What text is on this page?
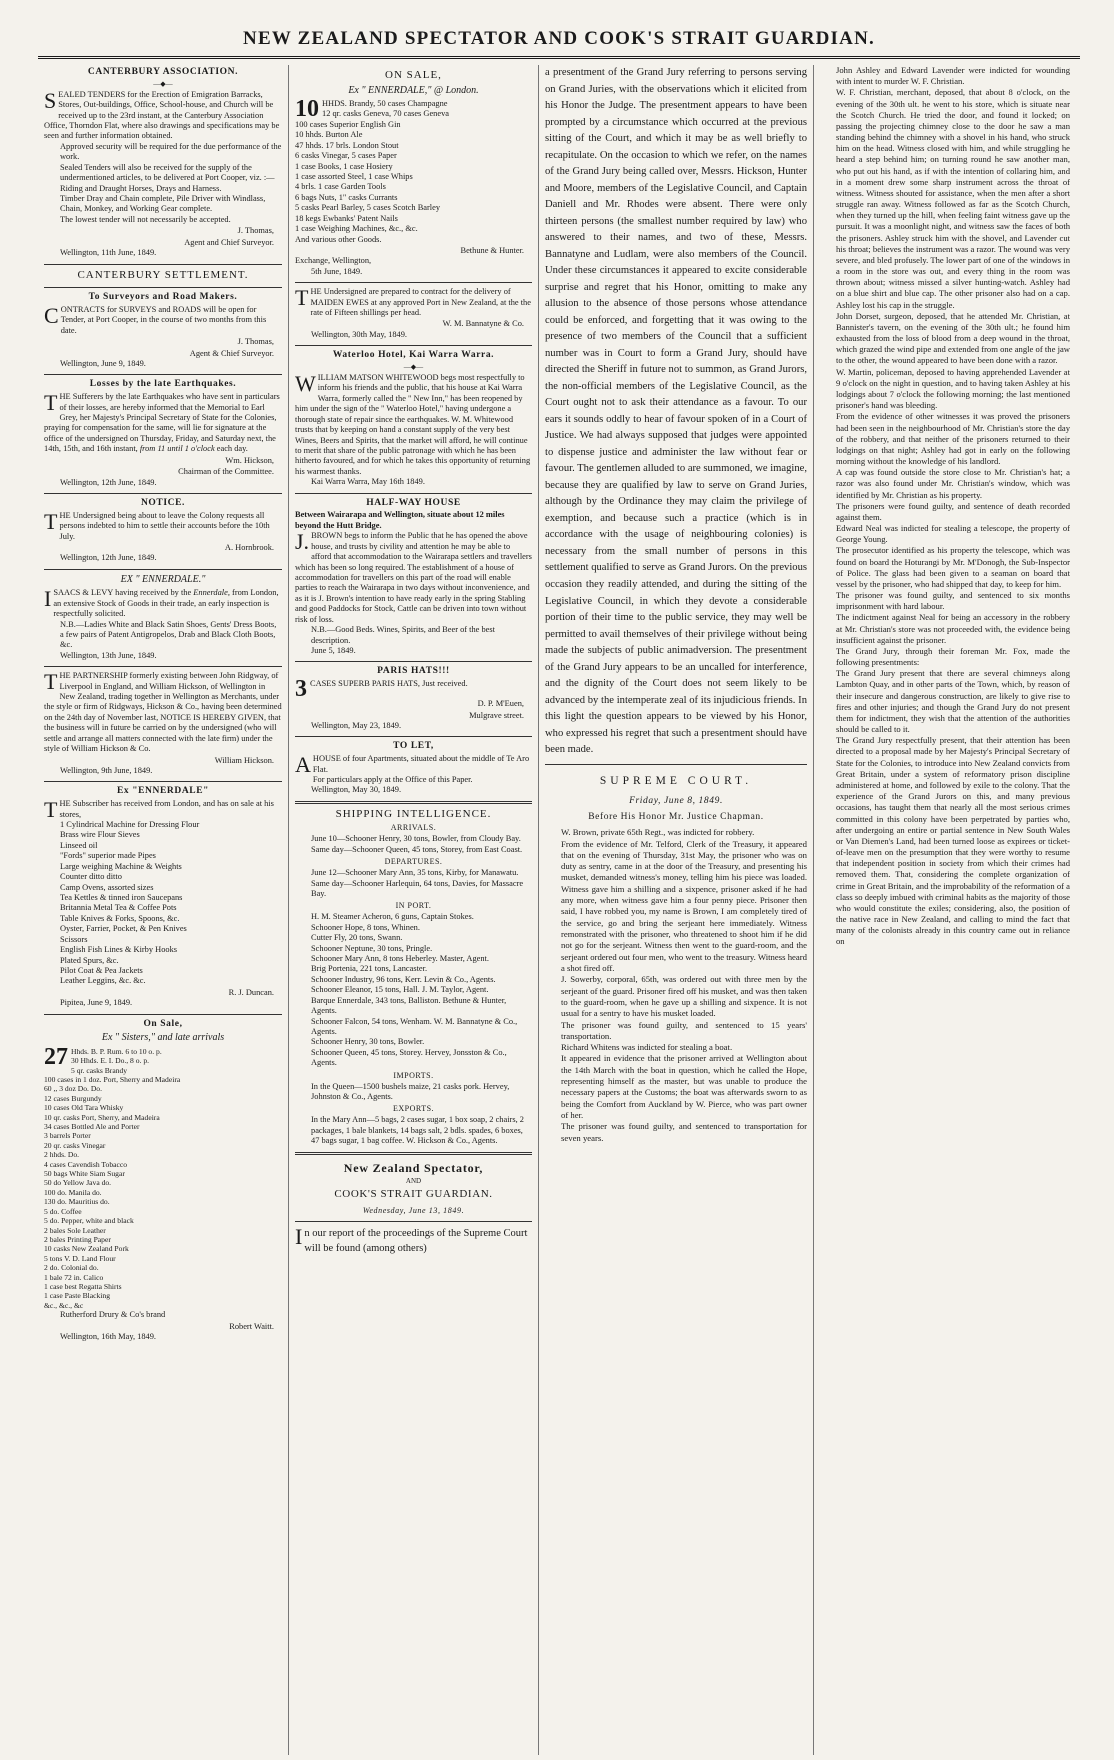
NEW ZEALAND SPECTATOR AND COOK'S STRAIT GUARDIAN.
CANTERBURY ASSOCIATION.
—◆—

SEALED TENDERS for the Erection of Emigration Barracks, Stores, Out-buildings, Office, School-house, and Church will be received up to the 23rd instant, at the Canterbury Association Office, Thorndon Flat, where also drawings and specifications may be seen and further information obtained.

Approved security will be required for the due performance of the work.

Sealed Tenders will also be received for the supply of the undermentioned articles, to be delivered at Port Cooper, viz. :—

Riding and Draught Horses, Drays and Harness.

Timber Dray and Chain complete, Pile Driver with Windlass, Chain, Monkey, and Working Gear complete.

The lowest tender will not necessarily be accepted.

J. Thomas,

Agent and Chief Surveyor.

Wellington, 11th June, 1849.

CANTERBURY SETTLEMENT.
To Surveyors and Road Makers.

CONTRACTS for SURVEYS and ROADS will be open for Tender, at Port Cooper, in the course of two months from this date.

J. Thomas,

Agent & Chief Surveyor.

Wellington, June 9, 1849.

Losses by the late Earthquakes.

THE Sufferers by the late Earthquakes who have sent in particulars of their losses, are hereby informed that the Memorial to Earl Grey, her Majesty's Principal Secretary of State for the Colonies, praying for compensation for the same, will lie for signature at the office of the undersigned on Thursday, Friday, and Saturday next, the 14th, 15th, and 16th instant, from 11 until 1 o'clock each day.

Wm. Hickson,

Chairman of the Committee.

Wellington, 12th June, 1849.

NOTICE.

THE Undersigned being about to leave the Colony requests all persons indebted to him to settle their accounts before the 10th July.

A. Hornbrook.

Wellington, 12th June, 1849.

EX " ENNERDALE."

ISAACS & LEVY having received by the Ennerdale, from London, an extensive Stock of Goods in their trade, an early inspection is respectfully solicited.

N.B.—Ladies White and Black Satin Shoes, Gents' Dress Boots, a few pairs of Patent Antigropelos, Drab and Black Cloth Boots, &c.

Wellington, 13th June, 1849.

THE PARTNERSHIP formerly existing between John Ridgway, of Liverpool in England, and William Hickson, of Wellington in New Zealand, trading together in Wellington as Merchants, under the style or firm of Ridgways, Hickson & Co., having been determined on the 24th day of November last, NOTICE IS HEREBY GIVEN, that the business will in future be carried on by the undersigned (who will settle and arrange all matters connected with the late firm) under the style of William Hickson & Co.

William Hickson.

Wellington, 9th June, 1849.

Ex "ENNERDALE"

THE Subscriber has received from London, and has on sale at his stores,

1 Cylindrical Machine for Dressing Flour

Brass wire Flour Sieves

Linseed oil

"Fords" superior made Pipes

Large weighing Machine & Weights

Counter ditto ditto

Camp Ovens, assorted sizes

Tea Kettles & tinned iron Saucepans

Britannia Metal Tea & Coffee Pots

Table Knives & Forks, Spoons, &c.

Oyster, Farrier, Pocket, & Pen Knives

Scissors

English Fish Lines & Kirby Hooks

Plated Spurs, &c.

Pilot Coat & Pea Jackets

Leather Leggins, &c. &c.

R. J. Duncan.

Pipitea, June 9, 1849.

On Sale,
Ex " Sisters," and late arrivals
27 Hhds. B. P. Rum. 6 to 10 o. p.

30 Hhds. E. I. Do., 8 o. p.

5 qr. casks Brandy

100 cases in 1 doz. Port, Sherry and Madeira

60 ,, 3 doz Do. Do.

12 cases Burgundy

10 cases Old Tara Whisky

10 qr. casks Port, Sherry, and Madeira

34 cases Bottled Ale and Porter

3 barrels Porter

20 qr. casks Vinegar

2 hhds. Do.

4 cases Cavendish Tobacco

50 bags White Siam Sugar

50 do Yellow Java do.

100 do. Manila do.

130 do. Mauritius do.

5 do. Coffee

5 do. Pepper, white and black

2 bales Sole Leather

2 bales Printing Paper

10 casks New Zealand Pork

5 tons V. D. Land Flour

2 do. Colonial do.

1 bale 72 in. Calico

1 case best Regatta Shirts

1 case Paste Blacking

&c., &c., &c

Rutherford Drury & Co's brand

Robert Waitt.

Wellington, 16th May, 1849.

ON SALE,
Ex " ENNERDALE," @ London.
10 HHDS. Brandy, 50 cases Champagne

12 qr. casks Geneva, 70 cases Geneva

100 cases Superior English Gin

10 hhds. Burton Ale

47 hhds. 17 brls. London Stout

6 casks Vinegar, 5 cases Paper

1 case Books, 1 case Hosiery

1 case assorted Steel, 1 case Whips

4 brls. 1 case Garden Tools

6 bags Nuts, 1" casks Currants

5 casks Pearl Barley, 5 cases Scotch Barley

18 kegs Ewbanks' Patent Nails

1 case Weighing Machines, &c., &c.

And various other Goods.

Bethune & Hunter.

Exchange, Wellington,

5th June, 1849.

THE Undersigned are prepared to contract for the delivery of MAIDEN EWES at any approved Port in New Zealand, at the the rate of Fifteen shillings per head.

W. M. Bannatyne & Co.

Wellington, 30th May, 1849.

Waterloo Hotel, Kai Warra Warra.
—◆—

WILLIAM MATSON WHITEWOOD begs most respectfully to inform his friends and the public, that his house at Kai Warra Warra, formerly called the " New Inn," has been reopened by him under the sign of the " Waterloo Hotel," having undergone a thorough state of repair since the earthquakes. W. M. Whitewood trusts that by keeping on hand a constant supply of the very best Wines, Beers and Spirits, that the market will afford, he will continue to merit that share of the public patronage with which he has been hitherto favoured, and for which he takes this opportunity of returning his warmest thanks.

Kai Warra Warra, May 16th 1849.

HALF-WAY HOUSE

Between Wairarapa and Wellington, situate about 12 miles beyond the Hutt Bridge.

J.BROWN begs to inform the Public that he has opened the above house, and trusts by civility and attention he may be able to afford that accommodation to the Wairarapa settlers and travellers which has been so long required. The establishment of a house of accommodation for travellers on this part of the road will enable parties to reach the Wairarapa in two days without inconvenience, and as it is J. Brown's intention to have ready early in the spring Stabling and good Paddocks for Stock, Cattle can be driven into town without risk of loss.

N.B.—Good Beds. Wines, Spirits, and Beer of the best description.

June 5, 1849.

PARIS HATS!!!
3 CASES SUPERB PARIS HATS, Just received.

D. P. M'Euen,

Mulgrave street.

Wellington, May 23, 1849.

TO LET,

AHOUSE of four Apartments, situated about the middle of Te Aro Flat.

For particulars apply at the Office of this Paper.

Wellington, May 30, 1849.

SHIPPING INTELLIGENCE.
ARRIVALS.

June 10—Schooner Henry, 30 tons, Bowler, from Cloudy Bay.

Same day—Schooner Queen, 45 tons, Storey, from East Coast.

DEPARTURES.

June 12—Schooner Mary Ann, 35 tons, Kirby, for Manawatu.

Same day—Schooner Harlequin, 64 tons, Davies, for Massacre Bay.

IN PORT.

H. M. Steamer Acheron, 6 guns, Captain Stokes.

Schooner Hope, 8 tons, Whinen.

Cutter Fly, 20 tons, Swann.

Schooner Neptune, 30 tons, Pringle.

Schooner Mary Ann, 8 tons Heberley. Master, Agent.

Brig Portenia, 221 tons, Lancaster.

Schooner Industry, 96 tons, Kerr. Levin & Co., Agents.

Schooner Eleanor, 15 tons, Hall. J. M. Taylor, Agent.

Barque Ennerdale, 343 tons, Balliston. Bethune & Hunter, Agents.

Schooner Falcon, 54 tons, Wenham. W. M. Bannatyne & Co., Agents.

Schooner Henry, 30 tons, Bowler.

Schooner Queen, 45 tons, Storey. Hervey, Jonsston & Co., Agents.

IMPORTS.

In the Queen—1500 bushels maize, 21 casks pork. Hervey, Johnston & Co., Agents.

EXPORTS.

In the Mary Ann—5 bags, 2 cases sugar, 1 box soap, 2 chairs, 2 packages, 1 bale blankets, 14 bags salt, 2 bdls. spades, 6 boxes, 47 bags sugar, 1 bag coffee. W. Hickson & Co., Agents.

New Zealand Spectator,
AND
COOK'S STRAIT GUARDIAN.
Wednesday, June 13, 1849.

In our report of the proceedings of the Supreme Court will be found (among others)

a presentment of the Grand Jury referring to persons serving on Grand Juries, with the observations which it elicited from his Honor the Judge. The presentment appears to have been prompted by a circumstance which occurred at the previous sitting of the Court, and which it may be as well briefly to recapitulate. On the occasion to which we refer, on the names of the Grand Jury being called over, Messrs. Hickson, Hunter and Moore, members of the Legislative Council, and Captain Daniell and Mr. Rhodes were absent. There were only thirteen persons (the smallest number required by law) who answered to their names, and two of these, Messrs. Bannatyne and Ludlam, were also members of the Council. Under these circumstances it appeared to excite considerable surprise and regret that his Honor, omitting to make any allusion to the absence of those persons whose attendance could be enforced, and forgetting that it was owing to the presence of two members of the Council that a sufficient number was in Court to form a Grand Jury, should have directed the Sheriff in future not to summon, as Grand Jurors, the non-official members of the Legislative Council, as the Court ought not to ask their attendance as a favour. To our ears it sounds oddly to hear of favour spoken of in a Court of Justice. We had always supposed that judges were appointed to dispense justice and administer the law without fear or favour. The gentlemen alluded to are summoned, we imagine, because they are qualified by law to serve on Grand Juries, although by the Ordinance they may claim the privilege of exemption, and because such a practice (which is in accordance with the usage of neighbouring colonies) is necessary from the small number of persons in this settlement qualified to serve as Grand Jurors. On the previous occasion they readily attended, and during the sitting of the Legislative Council, in which they devote a considerable portion of their time to the public service, they may well be permitted to avail themselves of their privilege without being made the subjects of public animadversion. The presentment of the Grand Jury appears to be an uncalled for interference, and the dignity of the Court does not seem likely to be advanced by the intemperate zeal of its injudicious friends. In this light the question appears to be viewed by his Honor, who expressed his regret that such a presentment should have been made.

SUPREME COURT.
Friday, June 8, 1849.
Before His Honor Mr. Justice Chapman.

W. Brown, private 65th Regt., was indicted for robbery.

From the evidence of Mr. Telford, Clerk of the Treasury, it appeared that on the evening of Thursday, 31st May, the prisoner who was on duty as sentry, came in at the door of the Treasury, and presenting his musket, demanded witness's money, telling him his piece was loaded. Witness gave him a shilling and a sixpence, prisoner asked if he had any more, when witness gave him a four penny piece. Prisoner then said, I have robbed you, my name is Brown, I am completely tired of the service, go and bring the serjeant here immediately. Witness remonstrated with the prisoner, who threatened to shoot him if he did not go for the serjeant. Witness then went to the guard-room, and the serjeant ordered out four men, who went to the treasury. Witness heard a shot fired off.

J. Sowerby, corporal, 65th, was ordered out with three men by the serjeant of the guard. Prisoner fired off his musket, and was then taken to the guard-room, when he gave up a shilling and sixpence. It is not usual for a sentry to have his musket loaded.

The prisoner was found guilty, and sentenced to 15 years' transportation.

Richard Whitens was indicted for stealing a boat.

It appeared in evidence that the prisoner arrived at Wellington about the 14th March with the boat in question, which he called the Hope, representing himself as the master, but was unable to produce the necessary papers at the Customs; the boat was afterwards sworn to as being the Comfort from Auckland by W. Pierce, who was part owner of her.

The prisoner was found guilty, and sentenced to transportation for seven years.

John Ashley and Edward Lavender were indicted for wounding with intent to murder W. F. Christian.

W. F. Christian, merchant, deposed, that about 8 o'clock, on the evening of the 30th ult. he went to his store, which is situate near the Scotch Church. He tried the door, and found it locked; on passing the projecting chimney close to the door he saw a man standing behind the chimney with a shovel in his hand, who struck him on the head. Witness closed with him, and while struggling he heard a step behind him; on turning round he saw another man, who put out his hand, as if with the intention of collaring him, and in a moment drew some sharp instrument across the throat of witness. Witness shouted for assistance, when the men after a short struggle ran away. Witness followed as far as the Scotch Church, when they turned up the hill, when feeling faint witness gave up the pursuit. It was a moonlight night, and witness saw the faces of both the prisoners. Ashley struck him with the shovel, and Lavender cut his throat; believes the instrument was a razor. The wound was very severe, and bled profusely. The lower part of one of the windows in a room in the store was out, and every thing in the room was thrown about; witness missed a silver hunting-watch. Ashley had on a blue shirt and blue cap. The other prisoner also had on a cap. Ashley lost his cap in the struggle.

John Dorset, surgeon, deposed, that he attended Mr. Christian, at Bannister's tavern, on the evening of the 30th ult.; he found him exhausted from the loss of blood from a deep wound in the throat, which grazed the wind pipe and extended from one angle of the jaw to the other, the wound appeared to have been done with a razor.

W. Martin, policeman, deposed to having apprehended Lavender at 9 o'clock on the night in question, and to having taken Ashley at his lodgings about 7 o'clock the following morning; the last mentioned prisoner's hand was bleeding.

From the evidence of other witnesses it was proved the prisoners had been seen in the neighbourhood of Mr. Christian's store the day of the robbery, and that neither of the prisoners returned to their lodgings on that night; Ashley had got in early on the following morning without the knowledge of his landlord.

A cap was found outside the store close to Mr. Christian's hat; a razor was also found under Mr. Christian's window, which was identified by Mr. Christian as his property.

The prisoners were found guilty, and sentence of death recorded against them.

Edward Neal was indicted for stealing a telescope, the property of George Young.

The prosecutor identified as his property the telescope, which was found on board the Hoturangi by Mr. M'Donogh, the Sub-Inspector of Police. The glass had been given to a seaman on board that vessel by the prisoner, who had shipped that day, to keep for him.

The prisoner was found guilty, and sentenced to six months imprisonment with hard labour.

The indictment against Neal for being an accessory in the robbery at Mr. Christian's store was not proceeded with, the evidence being insufficient against the prisoner.

The Grand Jury, through their foreman Mr. Fox, made the following presentments:

The Grand Jury present that there are several chimneys along Lambton Quay, and in other parts of the Town, which, by reason of their insecure and dangerous construction, are likely to give rise to fires and other injuries; and though the Grand Jury do not present them for indictment, they wish that the attention of the authorities should be called to it.

The Grand Jury respectfully present, that their attention has been directed to a proposal made by her Majesty's Principal Secretary of State for the Colonies, to introduce into New Zealand convicts from Great Britain, under a system of reformatory prison discipline administered at home, and followed by exile to the colony. That the experience of the Grand Jurors on this, and many previous occasions, has taught them that nearly all the most serious crimes committed in this colony have been perpetrated by parties who, after undergoing an entire or partial sentence in New South Wales or Van Diemen's Land, had been turned loose as expirees or ticket-of-leave men on the presumption that they were worthy to resume that independent position in society from which their crimes had removed them. That, considering the complete organization of crime in Great Britain, and the improbability of the reformation of a class so deeply imbued with criminal habits as the majority of those who would constitute the exiles; considering, also, the position of the native race in New Zealand, and calling to mind the fact that many of the colonists already in this country came out in reliance on
